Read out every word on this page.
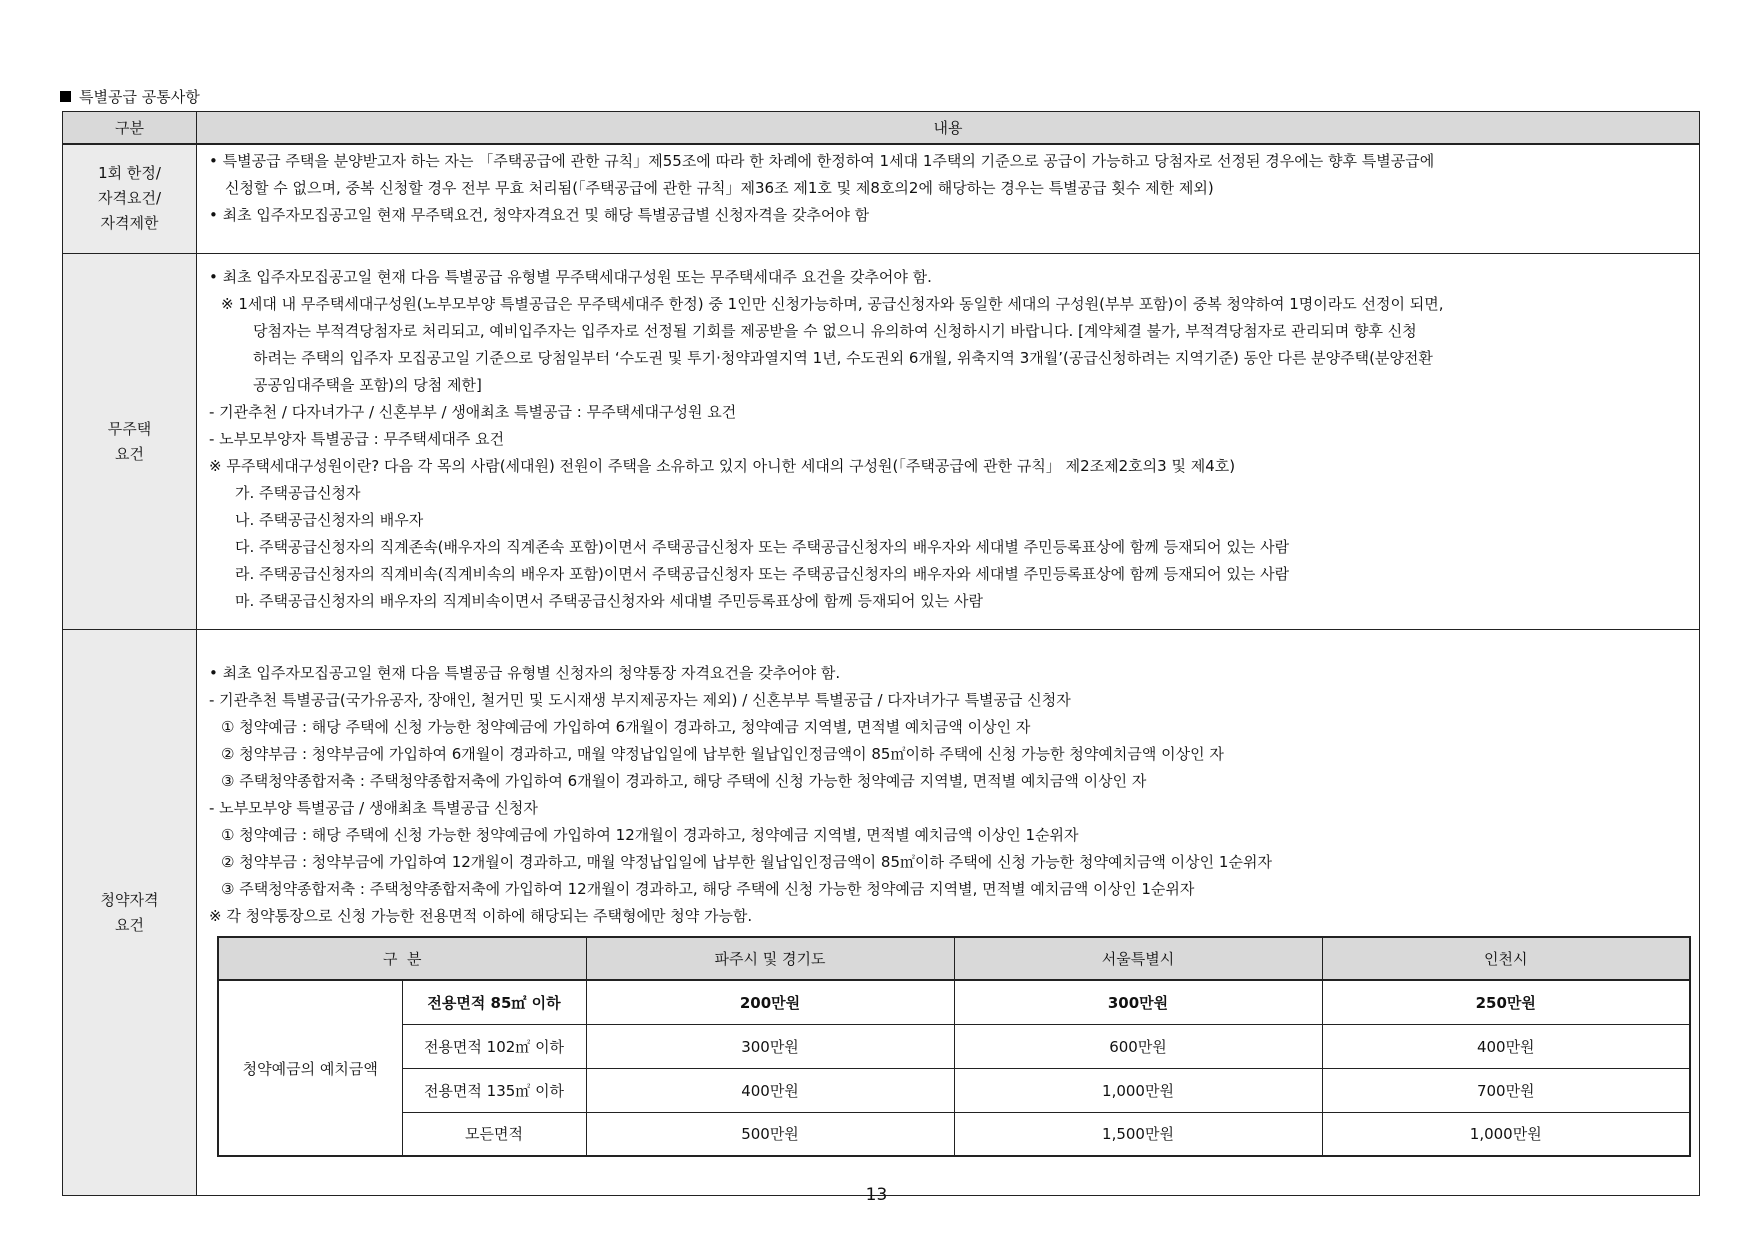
특별공급 공통사항
구분	내용

1회 한정/
자격요건/
자격제한

• 특별공급 주택을 분양받고자 하는 자는 「주택공급에 관한 규칙」제55조에 따라 한 차례에 한정하여 1세대 1주택의 기준으로 공급이 가능하고 당첨자로 선정된 경우에는 향후 특별공급에
신청할 수 없으며, 중복 신청할 경우 전부 무효 처리됨(「주택공급에 관한 규칙」제36조 제1호 및 제8호의2에 해당하는 경우는 특별공급 횟수 제한 제외)
• 최초 입주자모집공고일 현재 무주택요건, 청약자격요건 및 해당 특별공급별 신청자격을 갖추어야 함

무주택
요건

• 최초 입주자모집공고일 현재 다음 특별공급 유형별 무주택세대구성원 또는 무주택세대주 요건을 갖추어야 함.
※ 1세대 내 무주택세대구성원(노부모부양 특별공급은 무주택세대주 한정) 중 1인만 신청가능하며, 공급신청자와 동일한 세대의 구성원(부부 포함)이 중복 청약하여 1명이라도 선정이 되면,
당첨자는 부적격당첨자로 처리되고, 예비입주자는 입주자로 선정될 기회를 제공받을 수 없으니 유의하여 신청하시기 바랍니다. [계약체결 불가, 부적격당첨자로 관리되며 향후 신청
하려는 주택의 입주자 모집공고일 기준으로 당첨일부터 ‘수도권 및 투기·청약과열지역 1년, 수도권외 6개월, 위축지역 3개월’(공급신청하려는 지역기준) 동안 다른 분양주택(분양전환
공공임대주택을 포함)의 당첨 제한]
- 기관추천 / 다자녀가구 / 신혼부부 / 생애최초 특별공급 : 무주택세대구성원 요건
- 노부모부양자 특별공급 : 무주택세대주 요건
※ 무주택세대구성원이란? 다음 각 목의 사람(세대원) 전원이 주택을 소유하고 있지 아니한 세대의 구성원(「주택공급에 관한 규칙」 제2조제2호의3 및 제4호)
가. 주택공급신청자
나. 주택공급신청자의 배우자
다. 주택공급신청자의 직계존속(배우자의 직계존속 포함)이면서 주택공급신청자 또는 주택공급신청자의 배우자와 세대별 주민등록표상에 함께 등재되어 있는 사람
라. 주택공급신청자의 직계비속(직계비속의 배우자 포함)이면서 주택공급신청자 또는 주택공급신청자의 배우자와 세대별 주민등록표상에 함께 등재되어 있는 사람
마. 주택공급신청자의 배우자의 직계비속이면서 주택공급신청자와 세대별 주민등록표상에 함께 등재되어 있는 사람

청약자격
요건

• 최초 입주자모집공고일 현재 다음 특별공급 유형별 신청자의 청약통장 자격요건을 갖추어야 함.
- 기관추천 특별공급(국가유공자, 장애인, 철거민 및 도시재생 부지제공자는 제외) / 신혼부부 특별공급 / 다자녀가구 특별공급 신청자
① 청약예금 : 해당 주택에 신청 가능한 청약예금에 가입하여 6개월이 경과하고, 청약예금 지역별, 면적별 예치금액 이상인 자
② 청약부금 : 청약부금에 가입하여 6개월이 경과하고, 매월 약정납입일에 납부한 월납입인정금액이 85㎡이하 주택에 신청 가능한 청약예치금액 이상인 자
③ 주택청약종합저축 : 주택청약종합저축에 가입하여 6개월이 경과하고, 해당 주택에 신청 가능한 청약예금 지역별, 면적별 예치금액 이상인 자
- 노부모부양 특별공급 / 생애최초 특별공급 신청자
① 청약예금 : 해당 주택에 신청 가능한 청약예금에 가입하여 12개월이 경과하고, 청약예금 지역별, 면적별 예치금액 이상인 1순위자
② 청약부금 : 청약부금에 가입하여 12개월이 경과하고, 매월 약정납입일에 납부한 월납입인정금액이 85㎡이하 주택에 신청 가능한 청약예치금액 이상인 1순위자
③ 주택청약종합저축 : 주택청약종합저축에 가입하여 12개월이 경과하고, 해당 주택에 신청 가능한 청약예금 지역별, 면적별 예치금액 이상인 1순위자
※ 각 청약통장으로 신청 가능한 전용면적 이하에 해당되는 주택형에만 청약 가능함.
구  분	파주시 및 경기도	서울특별시	인천시
청약예금의 예치금액	전용면적 85㎡ 이하	200만원	300만원	250만원
전용면적 102㎡ 이하	300만원	600만원	400만원
전용면적 135㎡ 이하	400만원	1,000만원	700만원
모든면적	500만원	1,500만원	1,000만원
13
